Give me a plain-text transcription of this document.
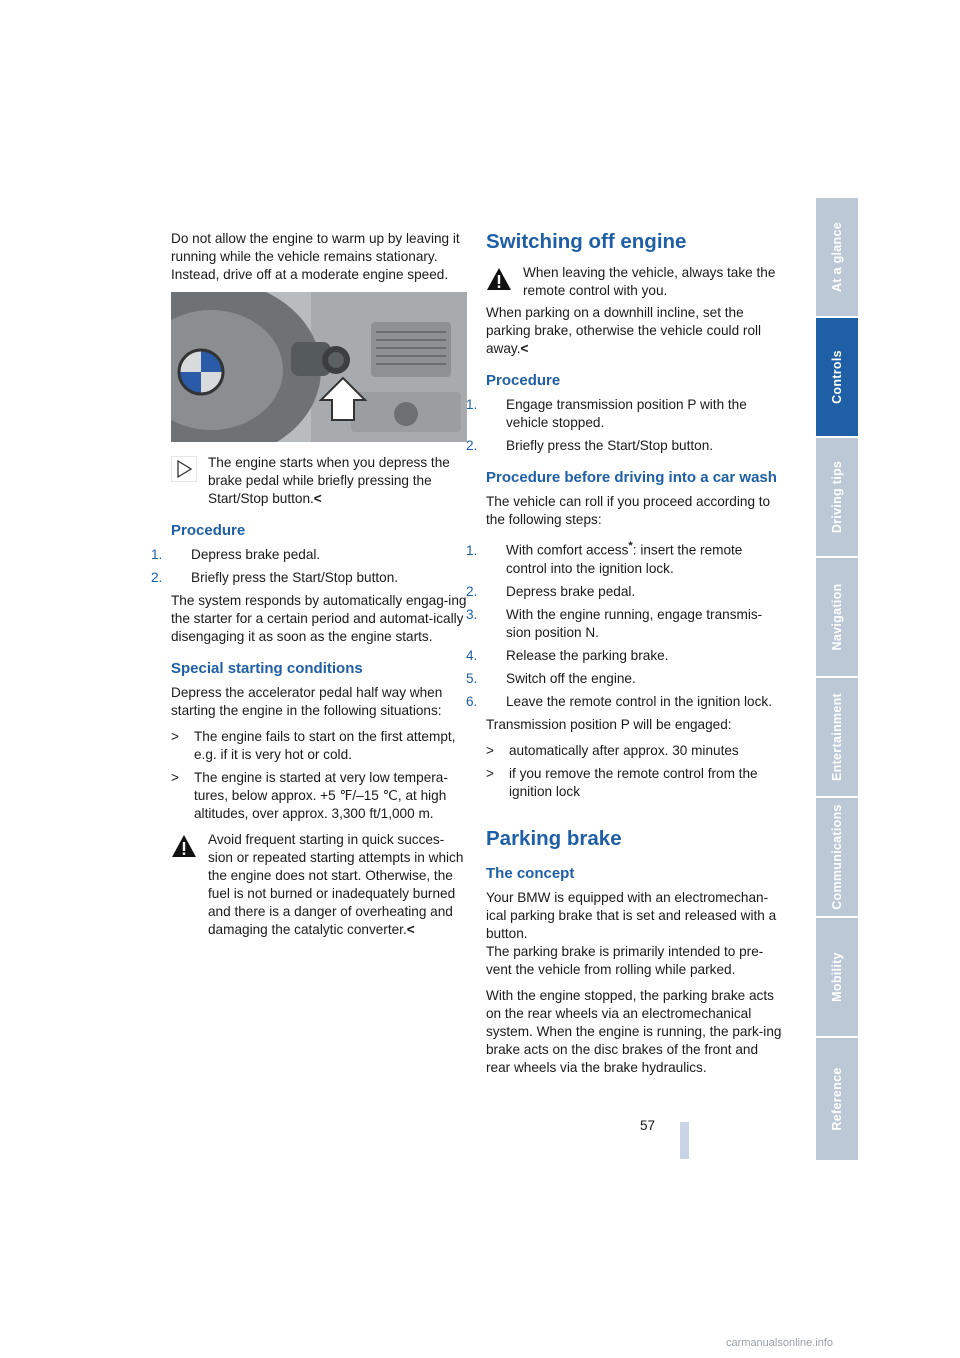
Do not allow the engine to warm up by leaving it running while the vehicle remains stationary. Instead, drive off at a moderate engine speed.

The engine starts when you depress the brake pedal while briefly pressing the Start/Stop button.<
Procedure

1. Depress brake pedal.

2. Briefly press the Start/Stop button.

The system responds by automatically engag-ing the starter for a certain period and automat-ically disengaging it as soon as the engine starts.

Special starting conditions

Depress the accelerator pedal half way when starting the engine in the following situations:

> The engine fails to start on the first attempt, e.g. if it is very hot or cold.

> The engine is started at very low tempera-tures, below approx. +5 ℉/–15 ℃, at high altitudes, over approx. 3,300 ft/1,000 m.

Avoid frequent starting in quick succes-sion or repeated starting attempts in which the engine does not start. Otherwise, the fuel is not burned or inadequately burned and there is a danger of overheating and damaging the catalytic converter.<
Switching off engine
When leaving the vehicle, always take the remote control with you.

When parking on a downhill incline, set the parking brake, otherwise the vehicle could roll away.<

Procedure

1. Engage transmission position P with the vehicle stopped.

2. Briefly press the Start/Stop button.

Procedure before driving into a car wash

The vehicle can roll if you proceed according to the following steps:

1. With comfort access*: insert the remote control into the ignition lock.

2. Depress brake pedal.

3. With the engine running, engage transmis-sion position N.

4. Release the parking brake.

5. Switch off the engine.

6. Leave the remote control in the ignition lock.

Transmission position P will be engaged:

> automatically after approx. 30 minutes

> if you remove the remote control from the ignition lock

Parking brake
The concept

Your BMW is equipped with an electromechan-ical parking brake that is set and released with a button.

The parking brake is primarily intended to pre-vent the vehicle from rolling while parked.

With the engine stopped, the parking brake acts on the rear wheels via an electromechanical system. When the engine is running, the park-ing brake acts on the disc brakes of the front and rear wheels via the brake hydraulics.

At a glance
Controls
Driving tips
Navigation
Entertainment
Communications
Mobility
Reference
57
carmanualsonline.info
